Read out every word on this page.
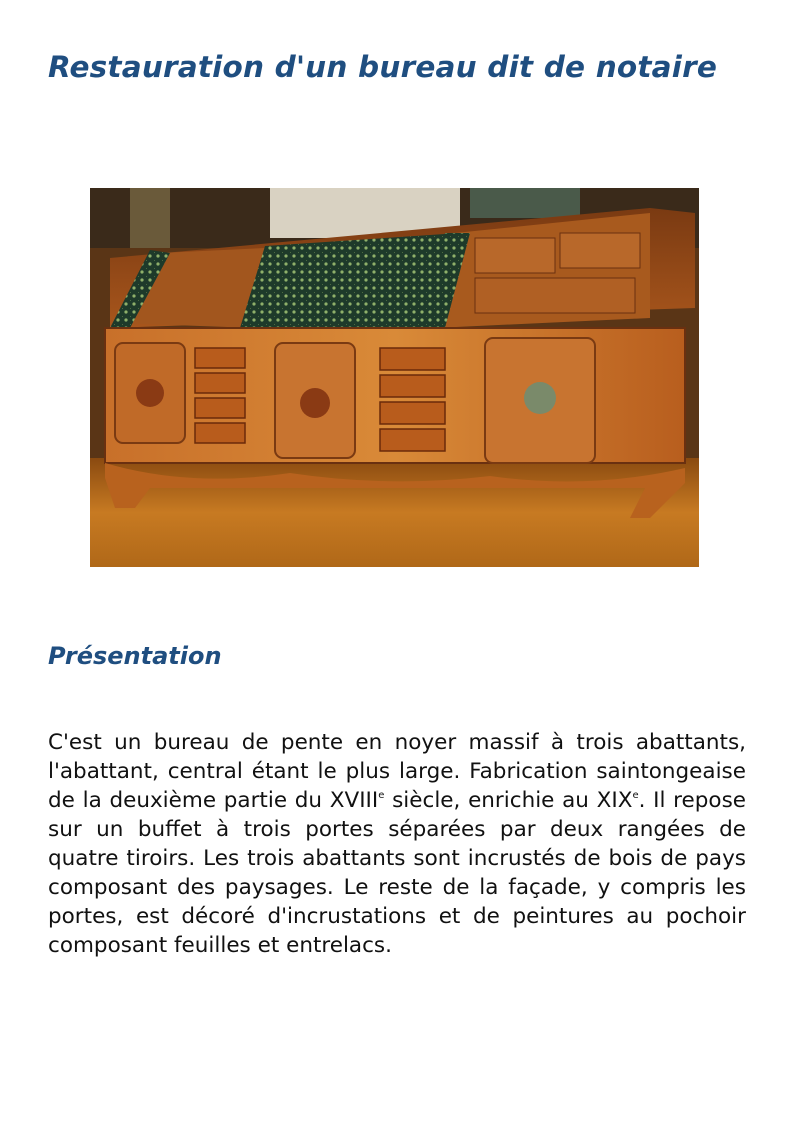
Restauration d'un bureau dit de notaire
Présentation

C'est un bureau de pente en noyer massif à trois abattants, l'abattant, central étant le plus large. Fabrication saintongeaise de la deuxième partie du XVIIIe siècle, enrichie au XIXe. Il repose sur un buffet à trois portes séparées par deux rangées de quatre tiroirs. Les trois abattants sont incrustés de bois de pays composant des paysages. Le reste de la façade, y compris les portes, est décoré d'incrustations et de peintures au pochoir composant feuilles et entrelacs.
